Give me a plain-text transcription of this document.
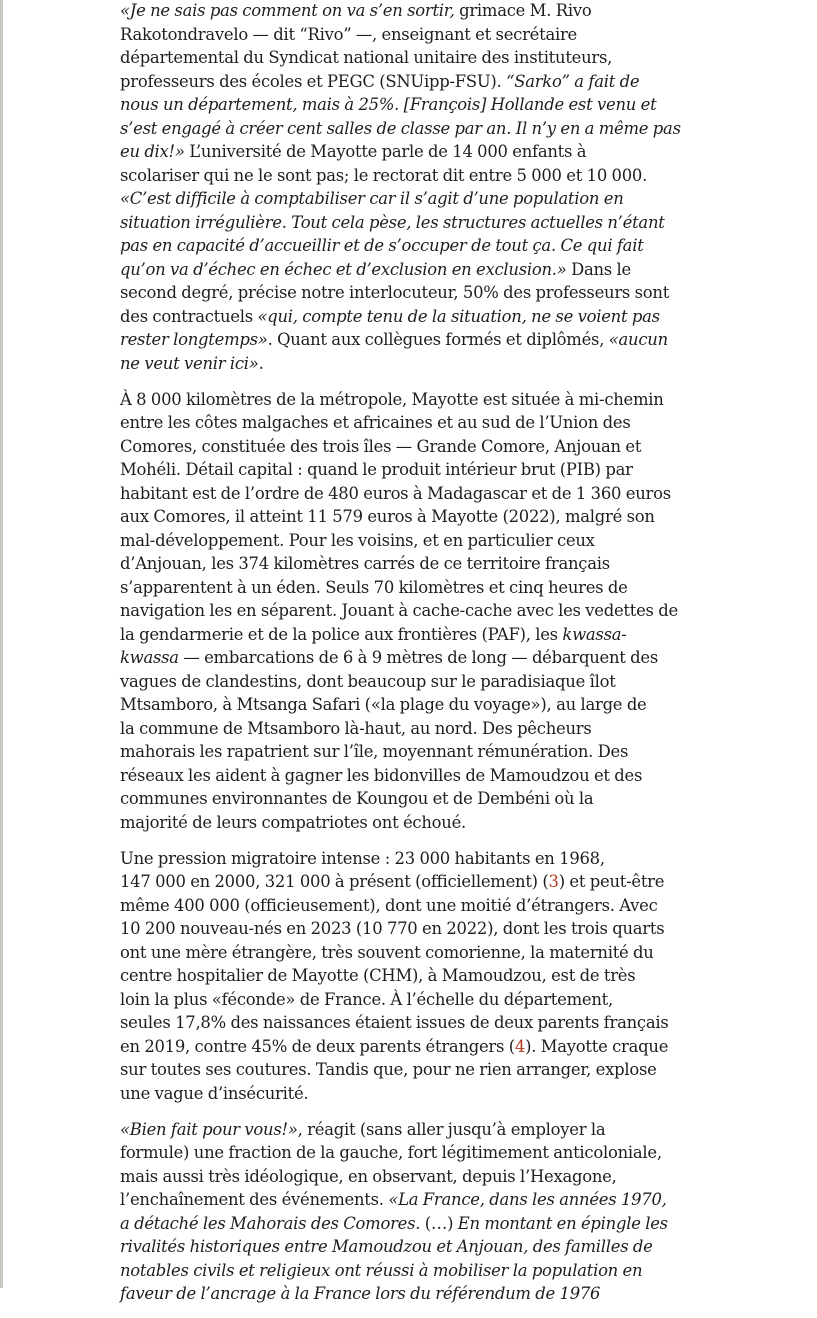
«Je ne sais pas comment on va s’en sortir, grimace M. Rivo
Rakotondravelo — dit “Rivo” —, enseignant et secrétaire
départemental du Syndicat national unitaire des instituteurs,
professeurs des écoles et PEGC (SNUipp-FSU). “Sarko” a fait de
nous un département, mais à 25%. [François] Hollande est venu et
s’est engagé à créer cent salles de classe par an. Il n’y en a même pas
eu dix!» L’université de Mayotte parle de 14 000 enfants à
scolariser qui ne le sont pas; le rectorat dit entre 5 000 et 10 000.
«C’est difficile à comptabiliser car il s’agit d’une population en
situation irrégulière. Tout cela pèse, les structures actuelles n’étant
pas en capacité d’accueillir et de s’occuper de tout ça. Ce qui fait
qu’on va d’échec en échec et d’exclusion en exclusion.» Dans le
second degré, précise notre interlocuteur, 50% des professeurs sont
des contractuels «qui, compte tenu de la situation, ne se voient pas
rester longtemps». Quant aux collègues formés et diplômés, «aucun
ne veut venir ici».

À 8 000 kilomètres de la métropole, Mayotte est située à mi-chemin
entre les côtes malgaches et africaines et au sud de l’Union des
Comores, constituée des trois îles — Grande Comore, Anjouan et
Mohéli. Détail capital : quand le produit intérieur brut (PIB) par
habitant est de l’ordre de 480 euros à Madagascar et de 1 360 euros
aux Comores, il atteint 11 579 euros à Mayotte (2022), malgré son
mal-développement. Pour les voisins, et en particulier ceux
d’Anjouan, les 374 kilomètres carrés de ce territoire français
s’apparentent à un éden. Seuls 70 kilomètres et cinq heures de
navigation les en séparent. Jouant à cache-cache avec les vedettes de
la gendarmerie et de la police aux frontières (PAF), les kwassa-
kwassa — embarcations de 6 à 9 mètres de long — débarquent des
vagues de clandestins, dont beaucoup sur le paradisiaque îlot
Mtsamboro, à Mtsanga Safari («la plage du voyage»), au large de
la commune de Mtsamboro là-haut, au nord. Des pêcheurs
mahorais les rapatrient sur l’île, moyennant rémunération. Des
réseaux les aident à gagner les bidonvilles de Mamoudzou et des
communes environnantes de Koungou et de Dembéni où la
majorité de leurs compatriotes ont échoué.

Une pression migratoire intense : 23 000 habitants en 1968,
147 000 en 2000, 321 000 à présent (officiellement) (3) et peut-être
même 400 000 (officieusement), dont une moitié d’étrangers. Avec
10 200 nouveau-nés en 2023 (10 770 en 2022), dont les trois quarts
ont une mère étrangère, très souvent comorienne, la maternité du
centre hospitalier de Mayotte (CHM), à Mamoudzou, est de très
loin la plus «féconde» de France. À l’échelle du département,
seules 17,8% des naissances étaient issues de deux parents français
en 2019, contre 45% de deux parents étrangers (4). Mayotte craque
sur toutes ses coutures. Tandis que, pour ne rien arranger, explose
une vague d’insécurité.

«Bien fait pour vous!», réagit (sans aller jusqu’à employer la
formule) une fraction de la gauche, fort légitimement anticoloniale,
mais aussi très idéologique, en observant, depuis l’Hexagone,
l’enchaînement des événements. «La France, dans les années 1970,
a détaché les Mahorais des Comores. (…) En montant en épingle les
rivalités historiques entre Mamoudzou et Anjouan, des familles de
notables civils et religieux ont réussi à mobiliser la population en
faveur de l’ancrage à la France lors du référendum de 1976
